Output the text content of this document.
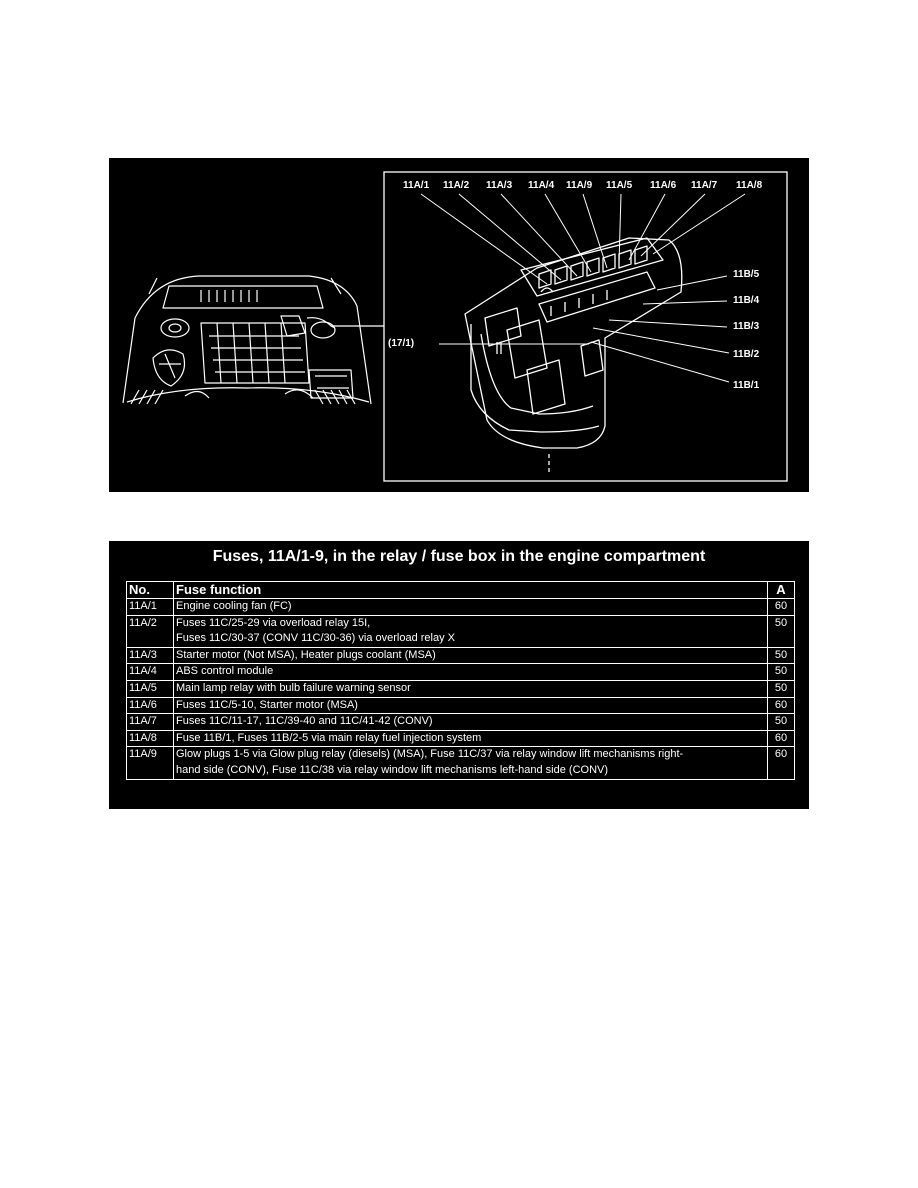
11A/1 11A/2 11A/3 11A/4 11A/9 11A/5 11A/6 11A/7 11A/8
11B/5
11B/4
11B/3
11B/2
11B/1
(17/1)
Fuses, 11A/1-9, in the relay / fuse box in the engine compartment
No.	Fuse function	A
11A/1	Engine cooling fan (FC)	60
11A/2	Fuses 11C/25-29 via overload relay 15I,
Fuses 11C/30-37 (CONV 11C/30-36) via overload relay X	50
11A/3	Starter motor (Not MSA), Heater plugs coolant (MSA)	50
11A/4	ABS control module	50
11A/5	Main lamp relay with bulb failure warning sensor	50
11A/6	Fuses 11C/5-10, Starter motor (MSA)	60
11A/7	Fuses 11C/11-17, 11C/39-40 and 11C/41-42 (CONV)	50
11A/8	Fuse 11B/1, Fuses 11B/2-5 via main relay fuel injection system	60
11A/9	Glow plugs 1-5 via Glow plug relay (diesels) (MSA), Fuse 11C/37 via relay window lift mechanisms right-
hand side (CONV), Fuse 11C/38 via relay window lift mechanisms left-hand side (CONV)	60
